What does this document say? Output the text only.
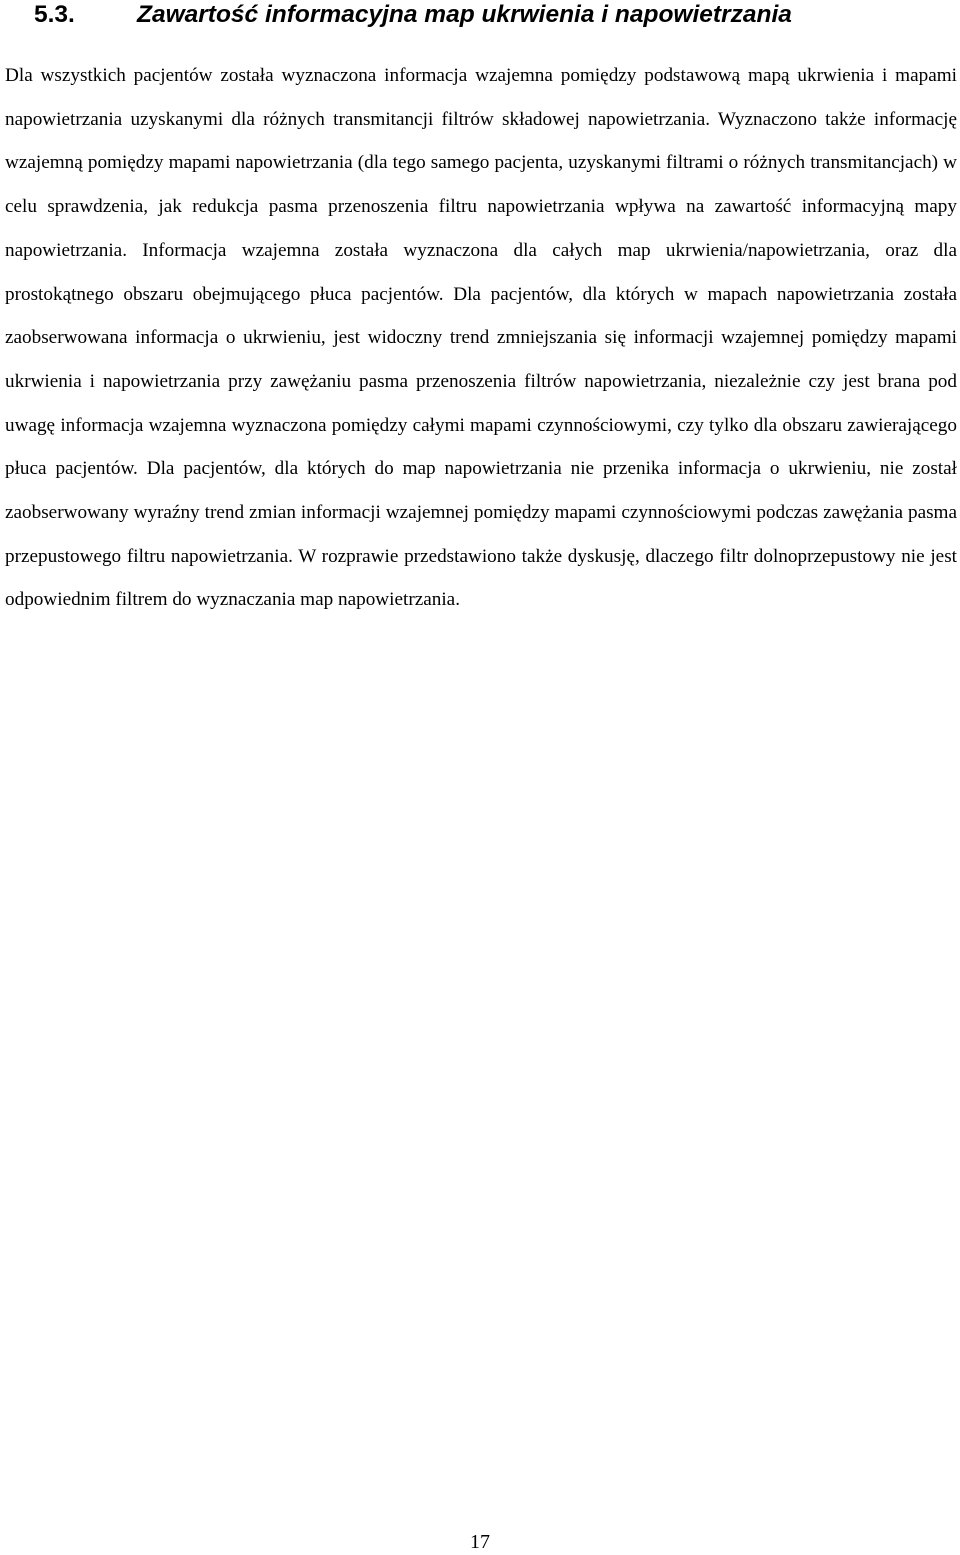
5.3.	Zawartość informacyjna map ukrwienia i napowietrzania

Dla wszystkich pacjentów została wyznaczona informacja wzajemna pomiędzy podstawową mapą ukrwienia i mapami napowietrzania uzyskanymi dla różnych transmitancji filtrów składowej napowietrzania. Wyznaczono także informację wzajemną pomiędzy mapami napowietrzania (dla tego samego pacjenta, uzyskanymi filtrami o różnych transmitancjach) w celu sprawdzenia, jak redukcja pasma przenoszenia filtru napowietrzania wpływa na zawartość informacyjną mapy napowietrzania. Informacja wzajemna została wyznaczona dla całych map ukrwienia/napowietrzania, oraz dla prostokątnego obszaru obejmującego płuca pacjentów. Dla pacjentów, dla których w mapach napowietrzania została zaobserwowana informacja o ukrwieniu, jest widoczny trend zmniejszania się informacji wzajemnej pomiędzy mapami ukrwienia i napowietrzania przy zawężaniu pasma przenoszenia filtrów napowietrzania, niezależnie czy jest brana pod uwagę informacja wzajemna wyznaczona pomiędzy całymi mapami czynnościowymi, czy tylko dla obszaru zawierającego płuca pacjentów. Dla pacjentów, dla których do map napowietrzania nie przenika informacja o ukrwieniu, nie został zaobserwowany wyraźny trend zmian informacji wzajemnej pomiędzy mapami czynnościowymi podczas zawężania pasma przepustowego filtru napowietrzania. W rozprawie przedstawiono także dyskusję, dlaczego filtr dolnoprzepustowy nie jest odpowiednim filtrem do wyznaczania map napowietrzania.

17
